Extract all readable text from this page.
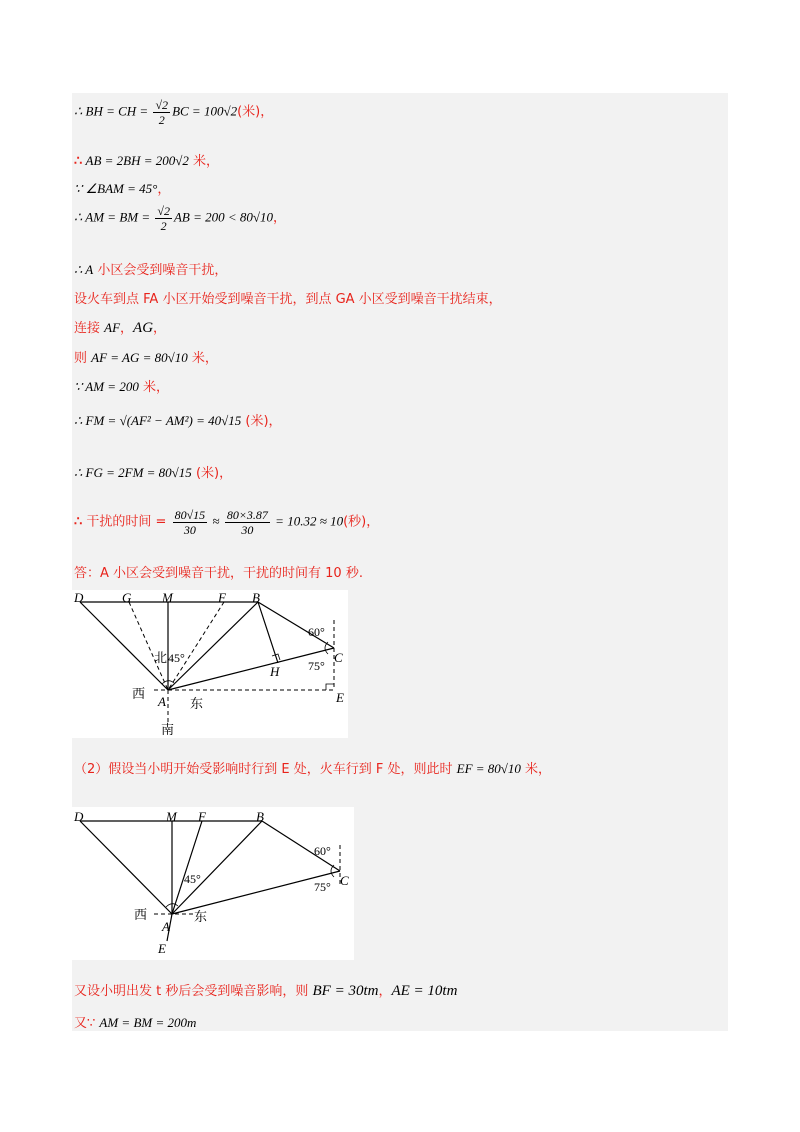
∴ BH = CH = $\frac{√2}{2}$ BC = 100√2(米)，
∴ AB = 2BH = 200√2 米，
∵ ∠BAM = 45°，
∴ AM = BM = $\frac{√2}{2}$ AB = 200 < 80√10，
∴ A 小区会受到噪音干扰，
设火车到点 FA 小区开始受到噪音干扰，到点 GA 小区受到噪音干扰结束，
连接 AF，AG，
则 AF = AG = 80√10 米，
∵ AM = 200 米，
∴ FM = √(AF² − AM²) = 40√15 (米)，
∴ FG = 2FM = 80√15 (米)，
∴ 干扰的时间 = $\frac{80√15}{30} \approx \frac{80\times 3.87}{30} = 10.32 \approx 10$(秒)，
答：A 小区会受到噪音干扰，干扰的时间有 10 秒.
D	G M	F B
C
H
A	E
北 45°
60°
75°
西
东
南
（2）假设当小明开始受影响时行到 E 处，火车行到 F 处，则此时 EF = 80√10 米，
D	M F	B
C
A
E
西	东
45°
60°
75°
又设小明出发 t 秒后会受到噪音影响，则 BF = 30tm，AE = 10tm
又∵ AM = BM = 200m
